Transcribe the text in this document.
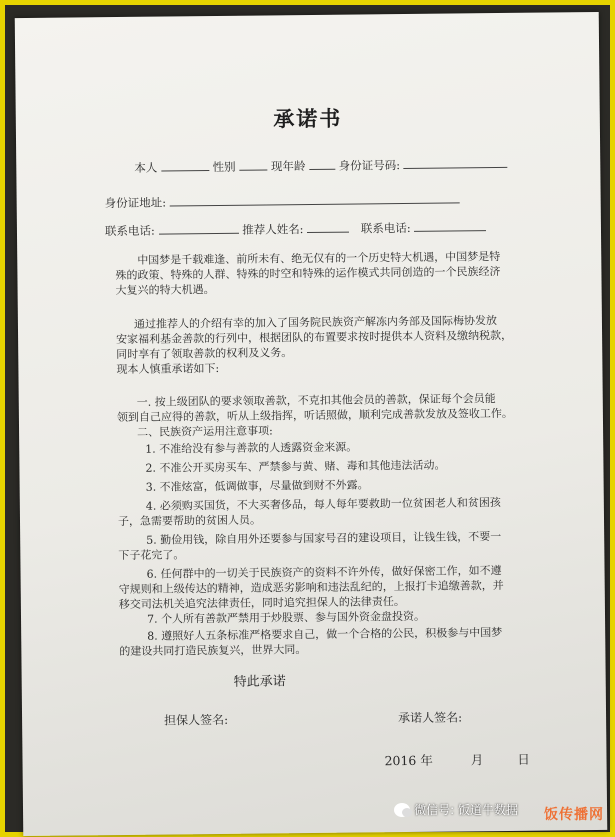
承诺书
本人	性别	现年龄	身份证号码:
身份证地址:
联系电话:	推荐人姓名:	联系电话:
中国梦是千载难逢、前所未有、绝无仅有的一个历史特大机遇，中国梦是特
殊的政策、特殊的人群、特殊的时空和特殊的运作模式共同创造的一个民族经济
大复兴的特大机遇。
通过推荐人的介绍有幸的加入了国务院民族资产解冻内务部及国际梅协发放
安家福利基金善款的行列中，根据团队的布置要求按时提供本人资料及缴纳税款，
同时享有了领取善款的权利及义务。
现本人慎重承诺如下:
一. 按上级团队的要求领取善款，不克扣其他会员的善款，保证每个会员能
领到自己应得的善款，听从上级指挥，听话照做，顺利完成善款发放及签收工作。
二、民族资产运用注意事项:
1. 不准给没有参与善款的人透露资金来源。
2. 不准公开买房买车、严禁参与黄、赌、毒和其他违法活动。
3. 不准炫富，低调做事，尽量做到财不外露。
4. 必须购买国货，不大买奢侈品，每人每年要救助一位贫困老人和贫困孩
子，急需要帮助的贫困人员。
5. 勤俭用钱，除自用外还要参与国家号召的建设项目，让钱生钱，不要一
下子花完了。
6. 任何群中的一切关于民族资产的资料不许外传，做好保密工作，如不遵
守规则和上级传达的精神，造成恶劣影响和违法乱纪的，上报打卡追缴善款，并
移交司法机关追究法律责任，同时追究担保人的法律责任。
7. 个人所有善款严禁用于炒股票、参与国外资金盘投资。
8. 遵照好人五条标准严格要求自己，做一个合格的公民，积极参与中国梦
的建设共同打造民族复兴，世界大同。
特此承诺
担保人签名:	承诺人签名:
2016 年	月	日
微信号: 饭道牛数据 饭传播网
